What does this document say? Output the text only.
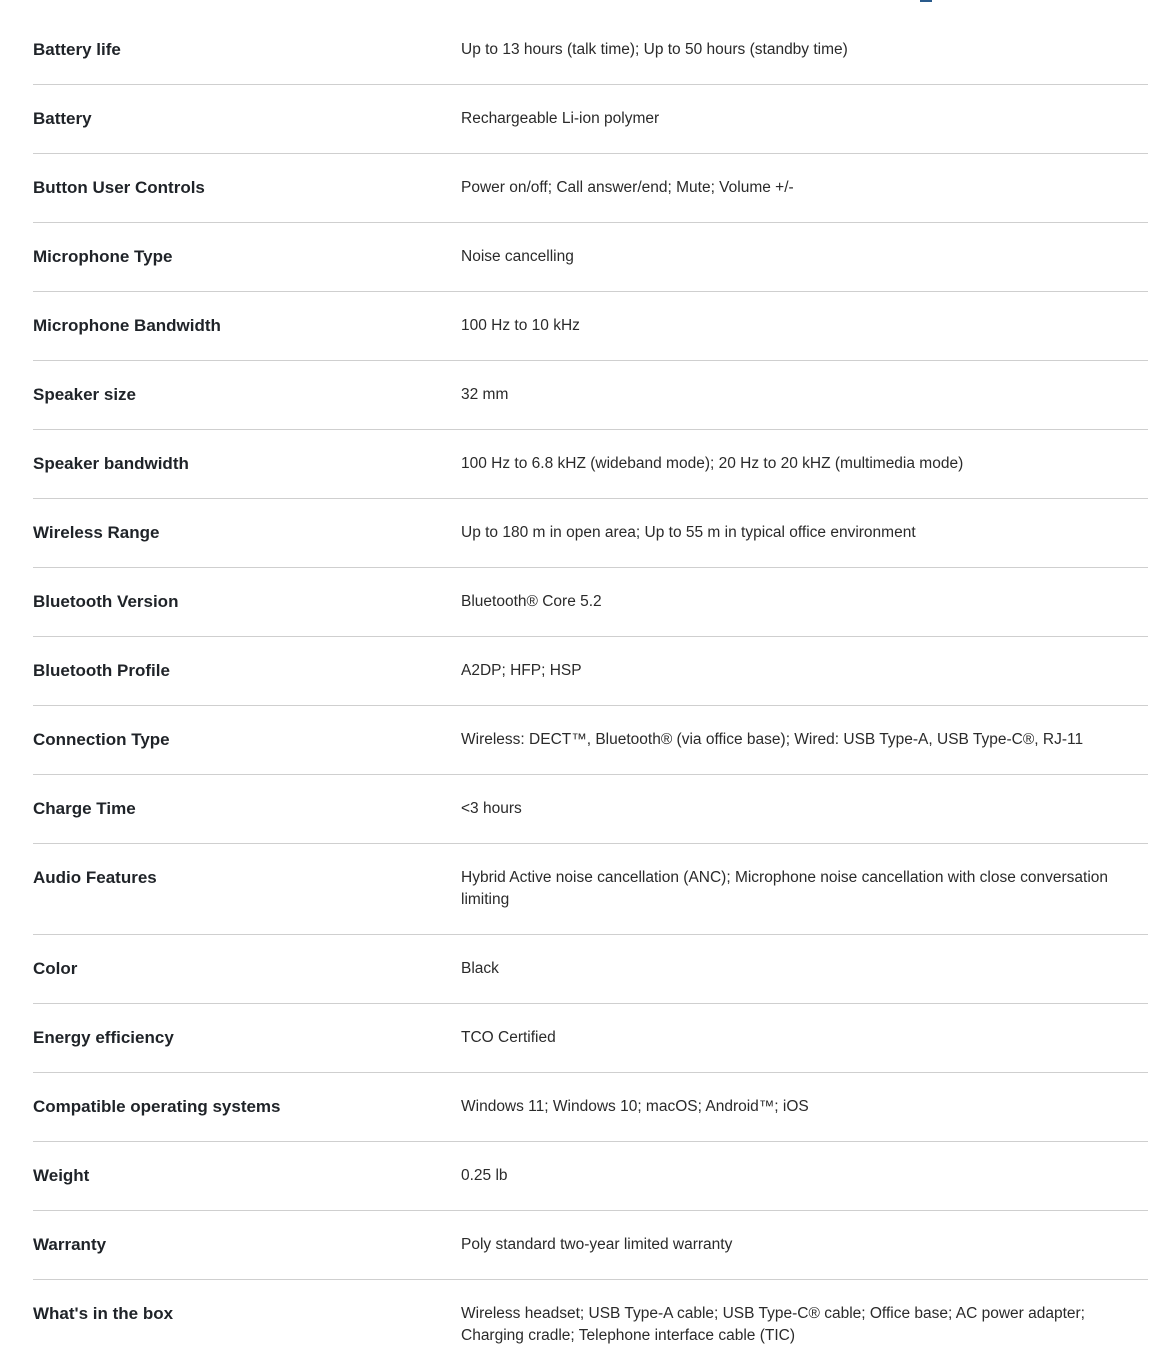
Battery life	Up to 13 hours (talk time); Up to 50 hours (standby time)
Battery	Rechargeable Li-ion polymer
Button User Controls	Power on/off; Call answer/end; Mute; Volume +/-
Microphone Type	Noise cancelling
Microphone Bandwidth	100 Hz to 10 kHz
Speaker size	32 mm
Speaker bandwidth	100 Hz to 6.8 kHZ (wideband mode); 20 Hz to 20 kHZ (multimedia mode)
Wireless Range	Up to 180 m in open area; Up to 55 m in typical office environment
Bluetooth Version	Bluetooth® Core 5.2
Bluetooth Profile	A2DP; HFP; HSP
Connection Type	Wireless: DECT™, Bluetooth® (via office base); Wired: USB Type-A, USB Type-C®, RJ-11
Charge Time	<3 hours
Audio Features	Hybrid Active noise cancellation (ANC); Microphone noise cancellation with close conversation limiting
Color	Black
Energy efficiency	TCO Certified
Compatible operating systems	Windows 11; Windows 10; macOS; Android™; iOS
Weight	0.25 lb
Warranty	Poly standard two-year limited warranty
What's in the box	Wireless headset; USB Type-A cable; USB Type-C® cable; Office base; AC power adapter; Charging cradle; Telephone interface cable (TIC)
